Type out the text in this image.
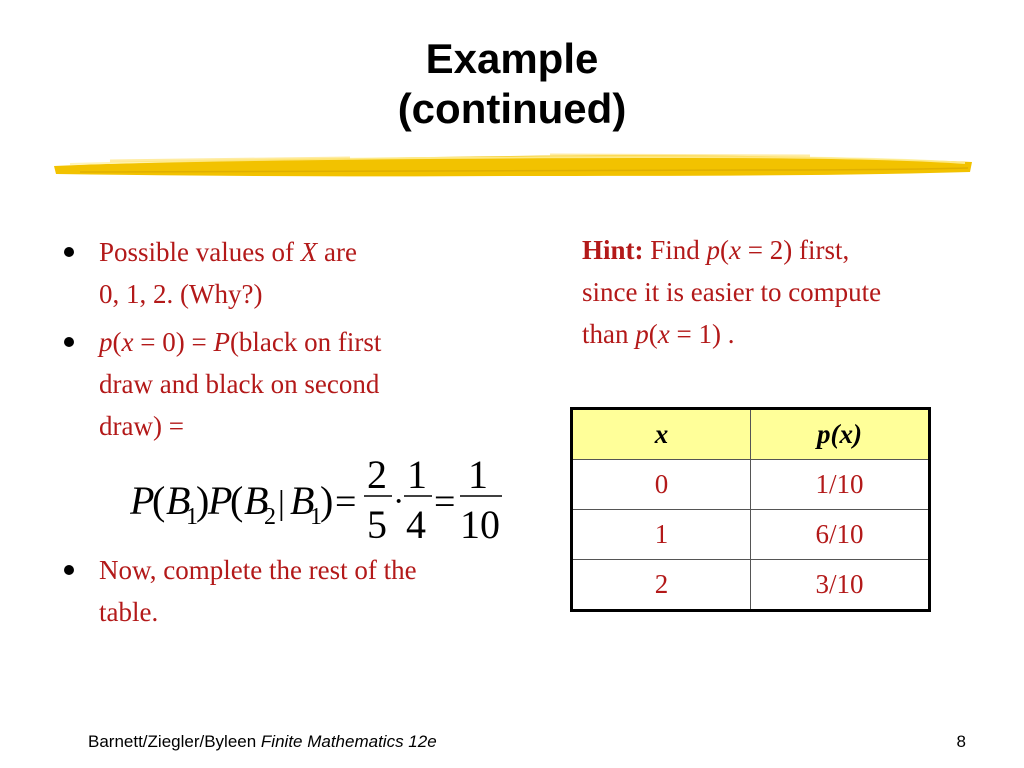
Example
(continued)
Possible values of X are
0, 1, 2. (Why?)
p(x = 0) = P(black on first
draw and black on second
draw) =
Now, complete the rest of the
table.
P
( B
1
)
P
( B
2 | B
1
) =
2
5
·
1
4 =
1
10
Hint: Find p(x = 2) first,
since it is easier to compute
than p(x = 1) .
x	p(x)
0	1/10
1	6/10
2	3/10
Barnett/Ziegler/Byleen Finite Mathematics 12e	8
